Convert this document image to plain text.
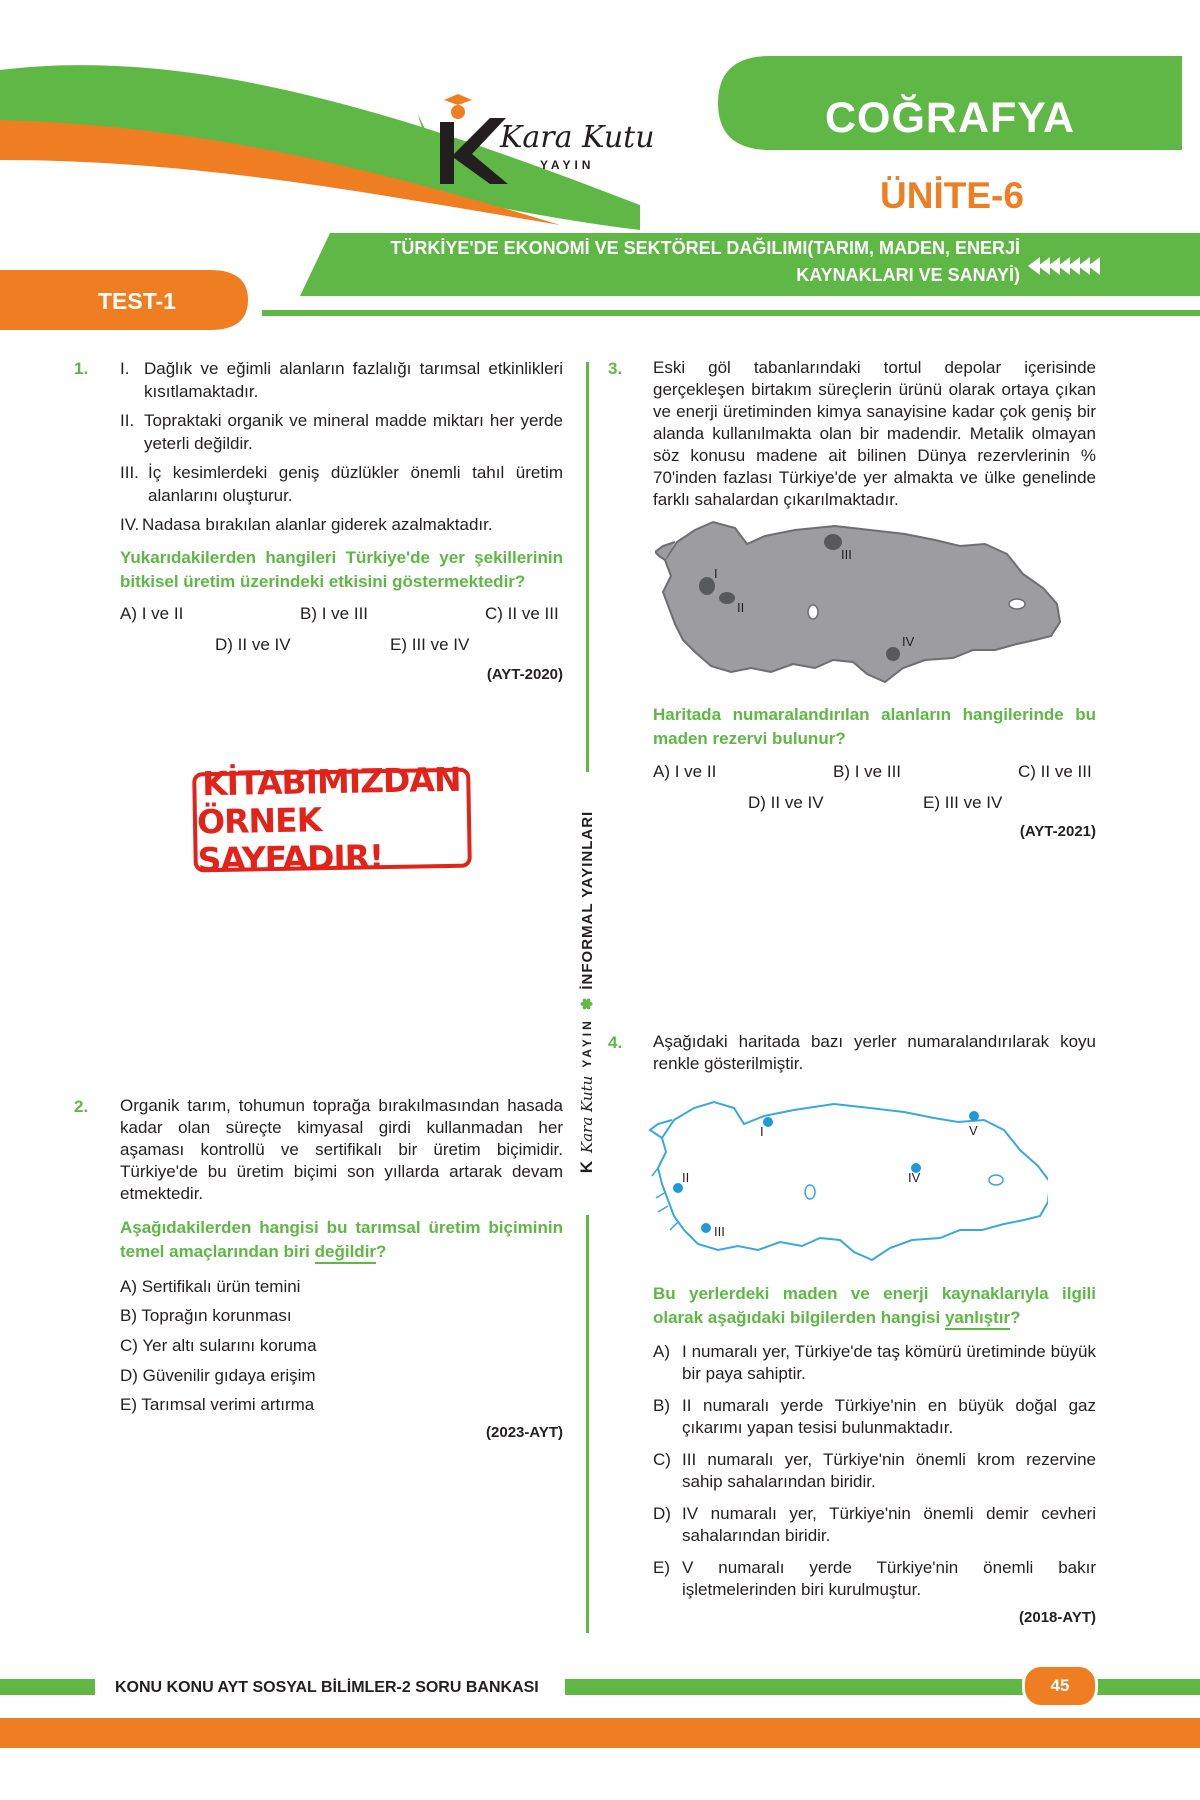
Kara Kutu
YAYIN
COĞRAFYA
ÜNİTE-6
TÜRKİYE'DE EKONOMİ VE SEKTÖREL DAĞILIMI(TARIM, MADEN, ENERJİ
KAYNAKLARI VE SANAYİ)
TEST-1
K
Kara Kutu
YAYIN
✽
İNFORMAL YAYINLARI
1. I. Dağlık ve eğimli alanların fazlalığı tarımsal etkinlikleri kısıtlamaktadır.
II. Topraktaki organik ve mineral madde miktarı her yerde yeterli değildir.
III. İç kesimlerdeki geniş düzlükler önemli tahıl üretim alanlarını oluşturur.
IV. Nadasa bırakılan alanlar giderek azalmaktadır.
Yukarıdakilerden hangileri Türkiye'de yer şekillerinin bitkisel üretim üzerindeki etkisini göstermektedir?
A) I ve II	B) I ve III	C) II ve III
D) II ve IV	E) III ve IV
(AYT-2020)
KİTABIMIZDAN
ÖRNEK SAYFADIR!
2. Organik tarım, tohumun toprağa bırakılmasından hasada kadar olan süreçte kimyasal girdi kullanmadan her aşaması kontrollü ve sertifikalı bir üretim biçimidir. Türkiye'de bu üretim biçimi son yıllarda artarak devam etmektedir.
Aşağıdakilerden hangisi bu tarımsal üretim biçiminin temel amaçlarından biri değildir?
A) Sertifikalı ürün temini
B) Toprağın korunması
C) Yer altı sularını koruma
D) Güvenilir gıdaya erişim
E) Tarımsal verimi artırma
(2023-AYT)
3. Eski göl tabanlarındaki tortul depolar içerisinde gerçekleşen birtakım süreçlerin ürünü olarak ortaya çıkan ve enerji üretiminden kimya sanayisine kadar çok geniş bir alanda kullanılmakta olan bir madendir. Metalik olmayan söz konusu madene ait bilinen Dünya rezervlerinin % 70'inden fazlası Türkiye'de yer almakta ve ülke genelinde farklı sahalardan çıkarılmaktadır.
I
II
III
IV
Haritada numaralandırılan alanların hangilerinde bu maden rezervi bulunur?
A) I ve II	B) I ve III	C) II ve III
D) II ve IV	E) III ve IV
(AYT-2021)
4. Aşağıdaki haritada bazı yerler numaralandırılarak koyu renkle gösterilmiştir.
I
II
III
IV
V
Bu yerlerdeki maden ve enerji kaynaklarıyla ilgili olarak aşağıdaki bilgilerden hangisi yanlıştır?
A) I numaralı yer, Türkiye'de taş kömürü üretiminde büyük bir paya sahiptir.
B) II numaralı yerde Türkiye'nin en büyük doğal gaz çıkarımı yapan tesisi bulunmaktadır.
C) III numaralı yer, Türkiye'nin önemli krom rezervine sahip sahalarından biridir.
D) IV numaralı yer, Türkiye'nin önemli demir cevheri sahalarından biridir.
E) V numaralı yerde Türkiye'nin önemli bakır işletmelerinden biri kurulmuştur.
(2018-AYT)
KONU KONU AYT SOSYAL BİLİMLER-2 SORU BANKASI	45
